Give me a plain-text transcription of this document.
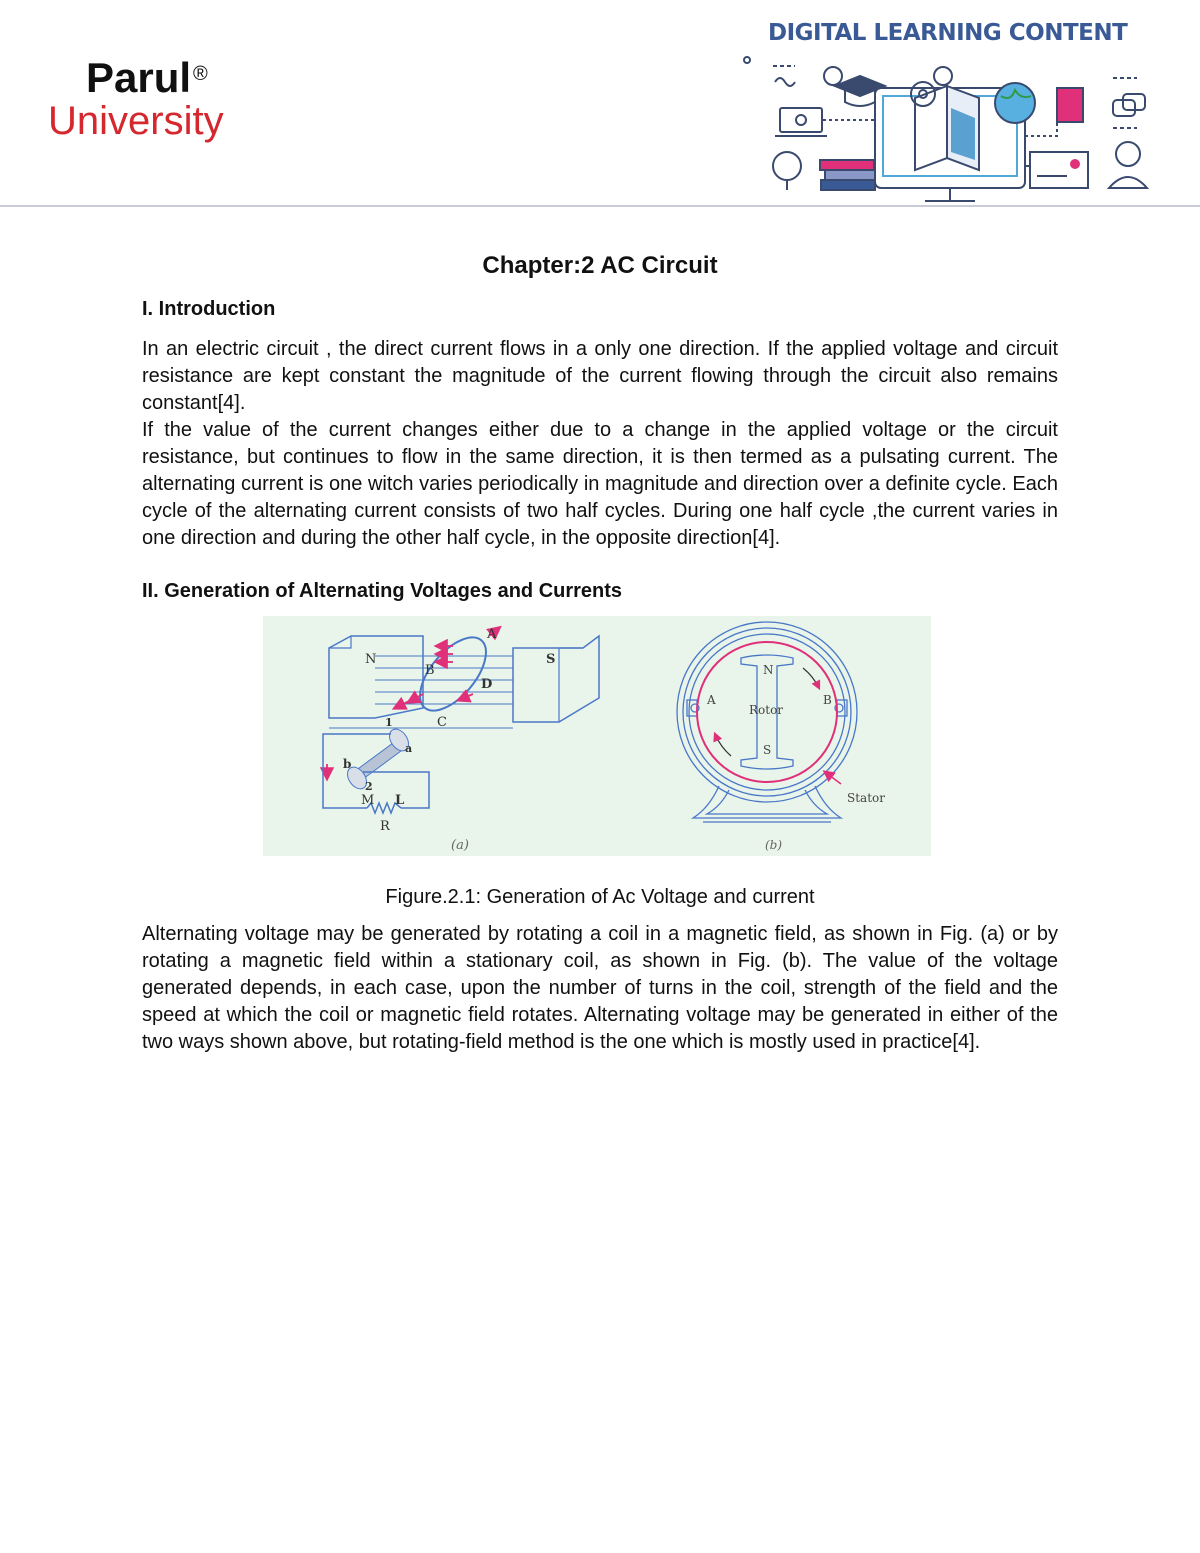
Parul ®
University
DIGITAL LEARNING CONTENT
Chapter:2 AC Circuit
I. Introduction

In an electric circuit , the direct current flows in a only one direction. If the applied voltage and circuit resistance are kept constant the magnitude of the current flowing through the circuit also remains constant[4].

If the value of the current changes either due to a change in the applied voltage or the circuit resistance, but continues to flow in the same direction, it is then termed as a pulsating current. The alternating current is one witch varies periodically in magnitude and direction over a definite cycle. Each cycle of the alternating current consists of two half cycles. During one half cycle ,the current varies in one direction and during the other half cycle, in the opposite direction[4].

II. Generation of Alternating Voltages and Currents
N	S
A
B
C
D
1
2
a
b
M L
R
(a)
N
S
A	B
Rotor
Stator
(b)
Figure.2.1: Generation of Ac Voltage and current

Alternating voltage may be generated by rotating a coil in a magnetic field, as shown in Fig. (a) or by rotating a magnetic field within a stationary coil, as shown in Fig. (b). The value of the voltage generated depends, in each case, upon the number of turns in the coil, strength of the field and the speed at which the coil or magnetic field rotates. Alternating voltage may be generated in either of the two ways shown above, but rotating-field method is the one which is mostly used in practice[4].
